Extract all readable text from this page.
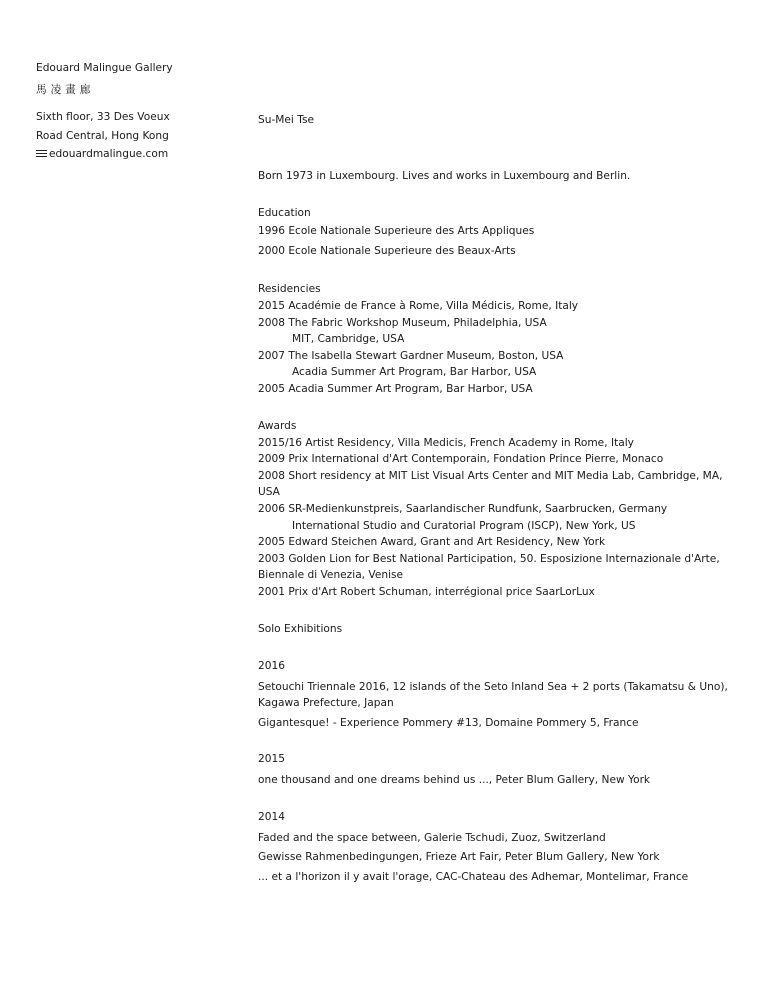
Edouard Malingue Gallery
馬凌畫廊
Sixth floor, 33 Des Voeux
Road Central, Hong Kong
edouardmalingue.com
Su-Mei Tse
Born 1973 in Luxembourg. Lives and works in Luxembourg and Berlin.
Education
1996 Ecole Nationale Superieure des Arts Appliques
2000 Ecole Nationale Superieure des Beaux-Arts
Residencies
2015 Académie de France à Rome, Villa Médicis, Rome, Italy
2008 The Fabric Workshop Museum, Philadelphia, USA
MIT, Cambridge, USA
2007 The Isabella Stewart Gardner Museum, Boston, USA
Acadia Summer Art Program, Bar Harbor, USA
2005 Acadia Summer Art Program, Bar Harbor, USA
Awards
2015/16 Artist Residency, Villa Medicis, French Academy in Rome, Italy
2009 Prix International d'Art Contemporain, Fondation Prince Pierre, Monaco
2008 Short residency at MIT List Visual Arts Center and MIT Media Lab, Cambridge, MA, USA
2006 SR-Medienkunstpreis, Saarlandischer Rundfunk, Saarbrucken, Germany
International Studio and Curatorial Program (ISCP), New York, US
2005 Edward Steichen Award, Grant and Art Residency, New York
2003 Golden Lion for Best National Participation, 50. Esposizione Internazionale d'Arte, Biennale di Venezia, Venise
2001 Prix d'Art Robert Schuman, interrégional price SaarLorLux
Solo Exhibitions
2016
Setouchi Triennale 2016, 12 islands of the Seto Inland Sea + 2 ports (Takamatsu & Uno), Kagawa Prefecture, Japan
Gigantesque! - Experience Pommery #13, Domaine Pommery 5, France
2015
one thousand and one dreams behind us ..., Peter Blum Gallery, New York
2014
Faded and the space between, Galerie Tschudi, Zuoz, Switzerland
Gewisse Rahmenbedingungen, Frieze Art Fair, Peter Blum Gallery, New York
... et a l'horizon il y avait l'orage, CAC-Chateau des Adhemar, Montelimar, France
